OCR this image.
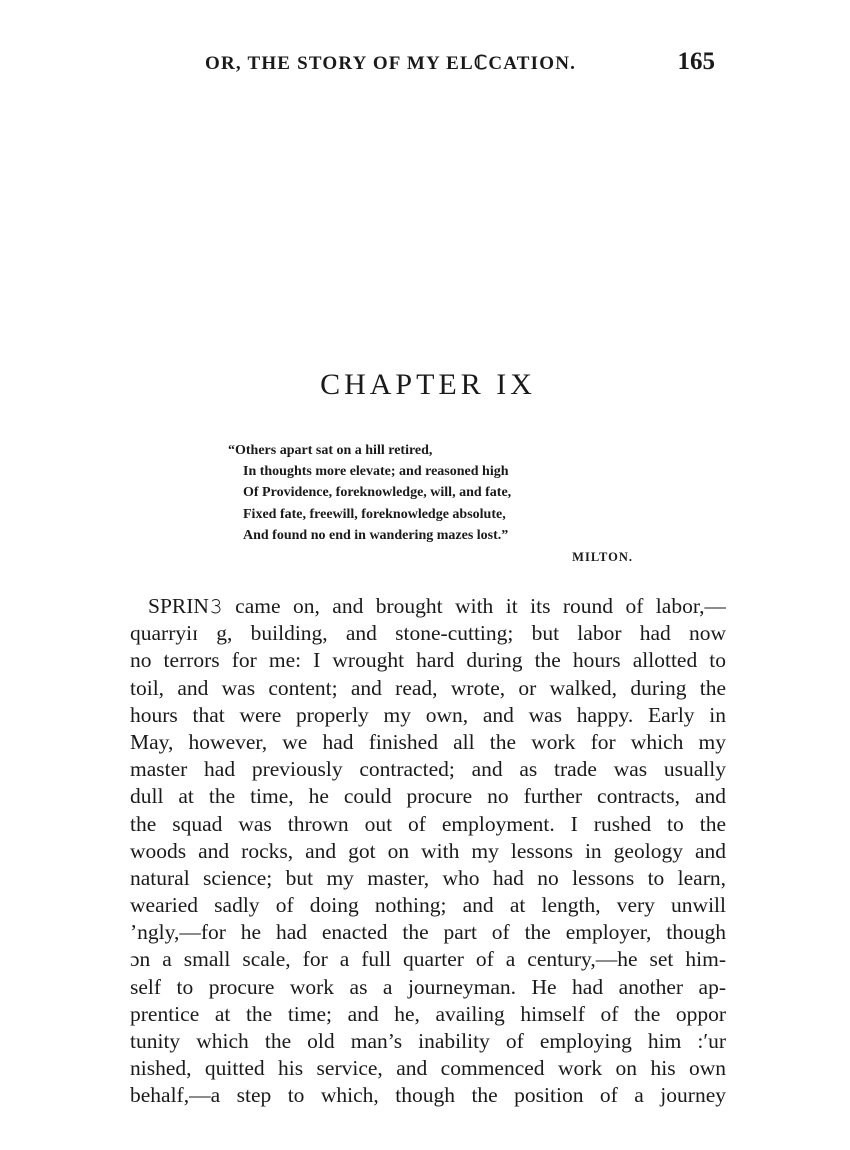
OR, THE STORY OF MY ELℂCATION.	165
CHAPTER IX
“Others apart sat on a hill retired,
In thoughts more elevate; and reasoned high
Of Providence, foreknowledge, will, and fate,
Fixed fate, freewill, foreknowledge absolute,
And found no end in wandering mazes lost.”
MILTON.
SPRIN𝟹 came on, and brought with it its round of labor,—
quarryiɪ g, building, and stone-cutting; but labor had now
no terrors for me: I wrought hard during the hours allotted to
toil, and was content; and read, wrote, or walked, during the
hours that were properly my own, and was happy. Early in
May, however, we had finished all the work for which my
master had previously contracted; and as trade was usually
dull at the time, he could procure no further contracts, and
the squad was thrown out of employment. I rushed to the
woods and rocks, and got on with my lessons in geology and
natural science; but my master, who had no lessons to learn,
wearied sadly of doing nothing; and at length, very unwill
ʼngly,—for he had enacted the part of the employer, though
ɔn a small scale, for a full quarter of a century,—he set him-
self to procure work as a journeyman. He had another ap-
prentice at the time; and he, availing himself of the oppor
tunity which the old man’s inability of employing him :ʹur
nished, quitted his service, and commenced work on his own
behalf,—a step to which, though the position of a journey
